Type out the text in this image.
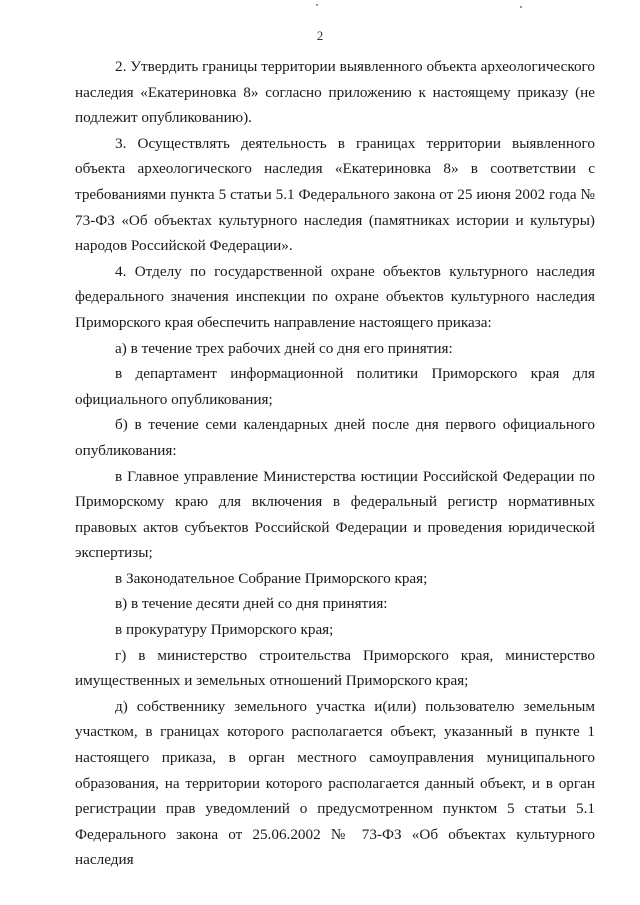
2

2. Утвердить границы территории выявленного объекта археологического наследия «Екатериновка 8» согласно приложению к настоящему приказу (не подлежит опубликованию).

3. Осуществлять деятельность в границах территории выявленного объекта археологического наследия «Екатериновка 8» в соответствии с требованиями пункта 5 статьи 5.1 Федерального закона от 25 июня 2002 года № 73-ФЗ «Об объектах культурного наследия (памятниках истории и культуры) народов Российской Федерации».

4. Отделу по государственной охране объектов культурного наследия федерального значения инспекции по охране объектов культурного наследия Приморского края обеспечить направление настоящего приказа:

а) в течение трех рабочих дней со дня его принятия:

в департамент информационной политики Приморского края для официального опубликования;

б) в течение семи календарных дней после дня первого официального опубликования:

в Главное управление Министерства юстиции Российской Федерации по Приморскому краю для включения в федеральный регистр нормативных правовых актов субъектов Российской Федерации и проведения юридической экспертизы;

в Законодательное Собрание Приморского края;

в) в течение десяти дней со дня принятия:

в прокуратуру Приморского края;

г) в министерство строительства Приморского края, министерство имущественных и земельных отношений Приморского края;

д) собственнику земельного участка и(или) пользователю земельным участком, в границах которого располагается объект, указанный в пункте 1 настоящего приказа, в орган местного самоуправления муниципального образования, на территории которого располагается данный объект, и в орган регистрации прав уведомлений о предусмотренном пунктом 5 статьи 5.1 Федерального закона от 25.06.2002 № 73-ФЗ «Об объектах культурного наследия
